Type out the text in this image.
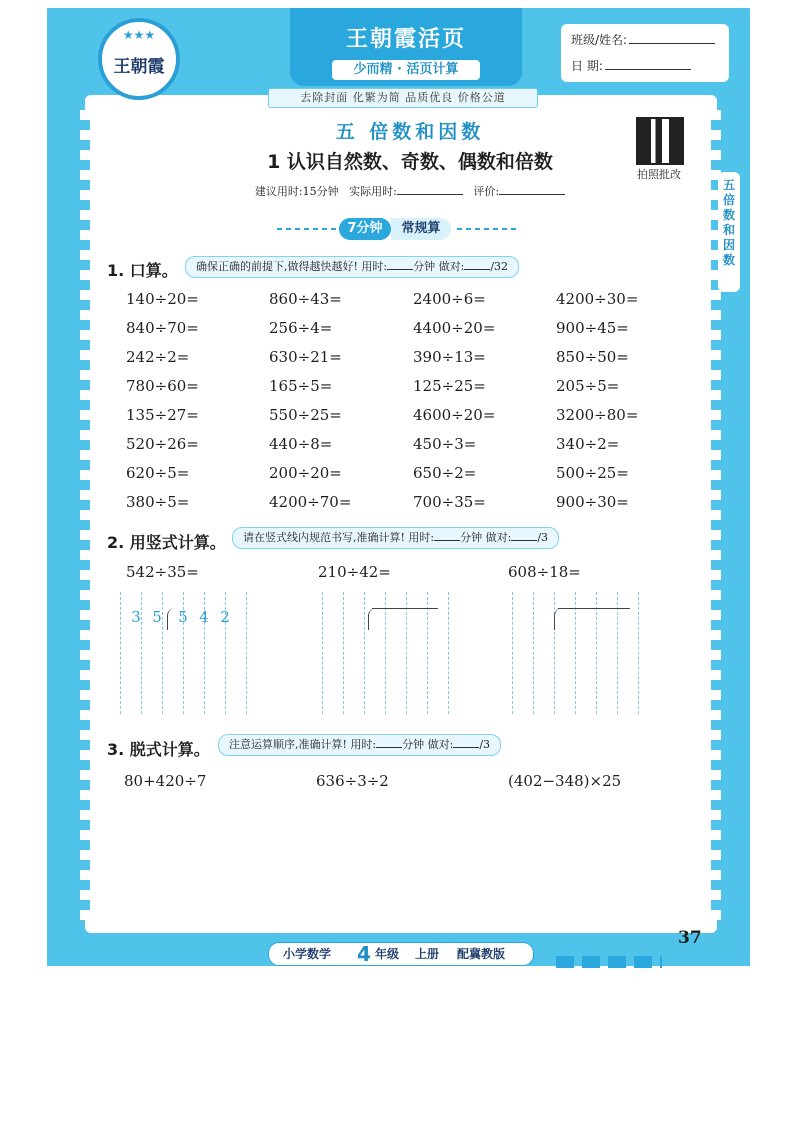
★★★
王朝霞
王朝霞活页
少而精 · 活页计算
去除封面 化繁为简 品质优良 价格公道
班级/姓名:
日 期:
拍照批改
五 倍数和因数
五 倍数和因数
1 认识自然数、奇数、偶数和倍数
建议用时:15分钟 实际用时:	评价:
7分钟	常规算
1. 口算。	确保正确的前提下,做得越快越好! 用时: 分钟 做对: /32
140÷20=	860÷43=	2400÷6=	4200÷30=
840÷70=	256÷4=	4400÷20=	900÷45=
242÷2=	630÷21=	390÷13=	850÷50=
780÷60=	165÷5=	125÷25=	205÷5=
135÷27=	550÷25=	4600÷20=	3200÷80=
520÷26=	440÷8=	450÷3=	340÷2=
620÷5=	200÷20=	650÷2=	500÷25=
380÷5=	4200÷70=	700÷35=	900÷30=
2. 用竖式计算。	请在竖式线内规范书写,准确计算! 用时: 分钟 做对: /3
542÷35=	210÷42=	608÷18=
3 5	5 4 2
3. 脱式计算。	注意运算顺序,准确计算! 用时: 分钟 做对: /3
80+420÷7	636÷3÷2	(402−348)×25
37
小学数学 4 年级 上册 配冀教版
